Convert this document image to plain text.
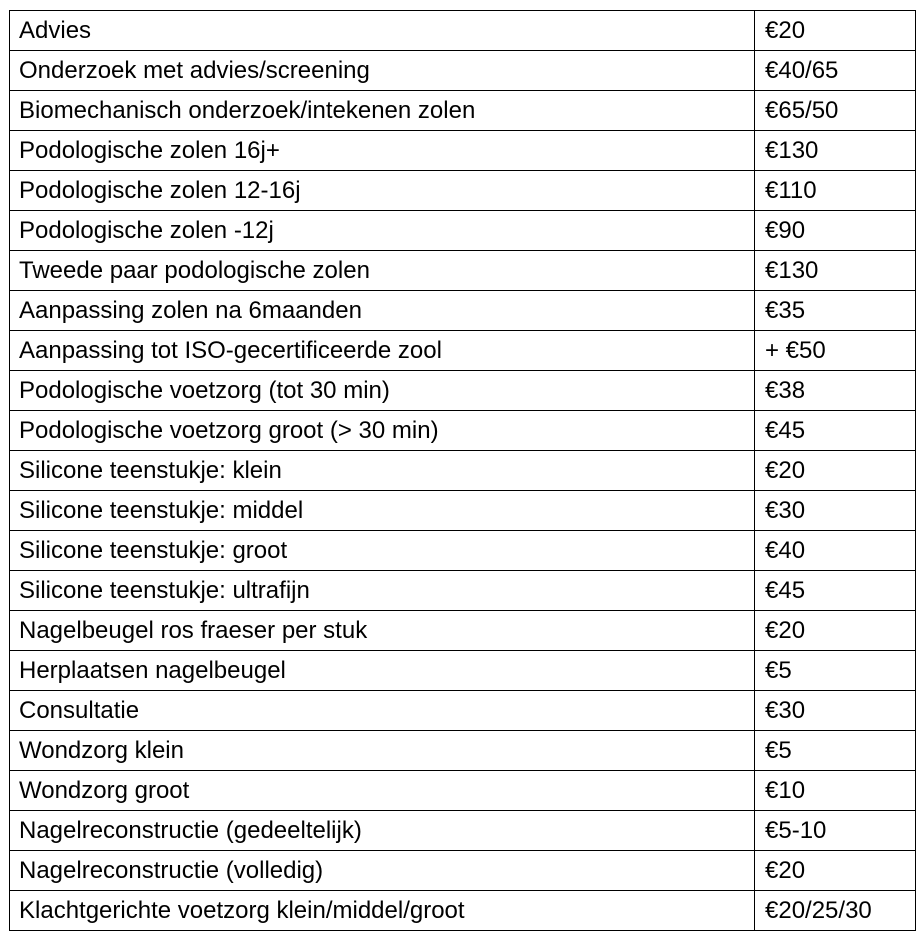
Advies	€20
Onderzoek met advies/screening	€40/65
Biomechanisch onderzoek/intekenen zolen	€65/50
Podologische zolen 16j+	€130
Podologische zolen 12-16j	€110
Podologische zolen -12j	€90
Tweede paar podologische zolen	€130
Aanpassing zolen na 6maanden	€35
Aanpassing tot ISO-gecertificeerde zool	+ €50
Podologische voetzorg (tot 30 min)	€38
Podologische voetzorg groot (> 30 min)	€45
Silicone teenstukje: klein	€20
Silicone teenstukje: middel	€30
Silicone teenstukje: groot	€40
Silicone teenstukje: ultrafijn	€45
Nagelbeugel ros fraeser per stuk	€20
Herplaatsen nagelbeugel	€5
Consultatie	€30
Wondzorg klein	€5
Wondzorg groot	€10
Nagelreconstructie (gedeeltelijk)	€5-10
Nagelreconstructie (volledig)	€20
Klachtgerichte voetzorg klein/middel/groot	€20/25/30
